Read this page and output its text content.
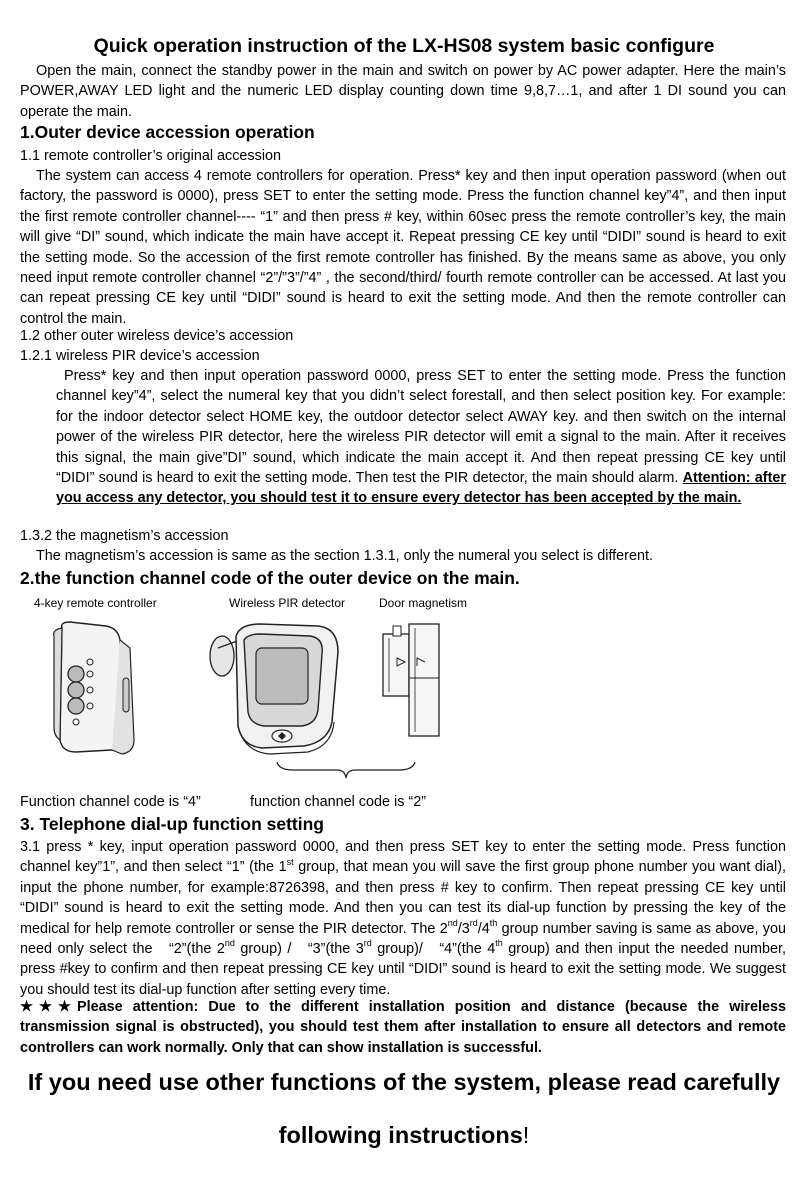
Quick operation instruction of the LX-HS08 system basic configure
Open the main, connect the standby power in the main and switch on power by AC power adapter. Here the main’s POWER,AWAY LED light and the numeric LED display counting down time 9,8,7…1, and after 1 DI sound you can operate the main.
1.Outer device accession operation
1.1 remote controller’s original accession
The system can access 4 remote controllers for operation. Press* key and then input operation password (when out factory, the password is 0000), press SET to enter the setting mode. Press the function channel key”4”, and then input the first remote controller channel---- “1” and then press # key, within 60sec press the remote controller’s key, the main will give “DI” sound, which indicate the main have accept it. Repeat pressing CE key until “DIDI” sound is heard to exit the setting mode. So the accession of the first remote controller has finished. By the means same as above, you only need input remote controller channel “2”/”3”/”4” , the second/third/ fourth remote controller can be accessed. At last you can repeat pressing CE key until “DIDI” sound is heard to exit the setting mode. And then the remote controller can control the main.
1.2 other outer wireless device’s accession
1.2.1 wireless PIR device’s accession
Press* key and then input operation password 0000, press SET to enter the setting mode. Press the function channel key”4”, select the numeral key that you didn’t select forestall, and then select position key. For example: for the indoor detector select HOME key, the outdoor detector select AWAY key. and then switch on the internal power of the wireless PIR detector, here the wireless PIR detector will emit a signal to the main. After it receives this signal, the main give”DI” sound, which indicate the main accept it. And then repeat pressing CE key until “DIDI” sound is heard to exit the setting mode. Then test the PIR detector, the main should alarm. Attention: after you access any detector, you should test it to ensure every detector has been accepted by the main.
1.3.2 the magnetism’s accession
The magnetism’s accession is same as the section 1.3.1, only the numeral you select is different.
2.the function channel code of the outer device on the main.
4-key remote controller	Wireless PIR detector	Door magnetism
Function channel code is “4”	function channel code is “2”
3. Telephone dial-up function setting
3.1 press * key, input operation password 0000, and then press SET key to enter the setting mode. Press function channel key”1”, and then select “1” (the 1st group, that mean you will save the first group phone number you want dial), input the phone number, for example:8726398, and then press # key to confirm. Then repeat pressing CE key until “DIDI” sound is heard to exit the setting mode. And then you can test its dial-up function by pressing the key of the medical for help remote controller or sense the PIR detector. The 2nd/3rd/4th group number saving is same as above, you need only select the   “2”(the 2nd group) /   “3”(the 3rd group)/   “4”(the 4th group) and then input the needed number, press #key to confirm and then repeat pressing CE key until “DIDI” sound is heard to exit the setting mode. We suggest you should test its dial-up function after setting every time.
★★★Please attention: Due to the different installation position and distance (because the wireless transmission signal is obstructed), you should test them after installation to ensure all detectors and remote controllers can work normally. Only that can show installation is successful.
If you need use other functions of the system, please read carefully
following instructions!
